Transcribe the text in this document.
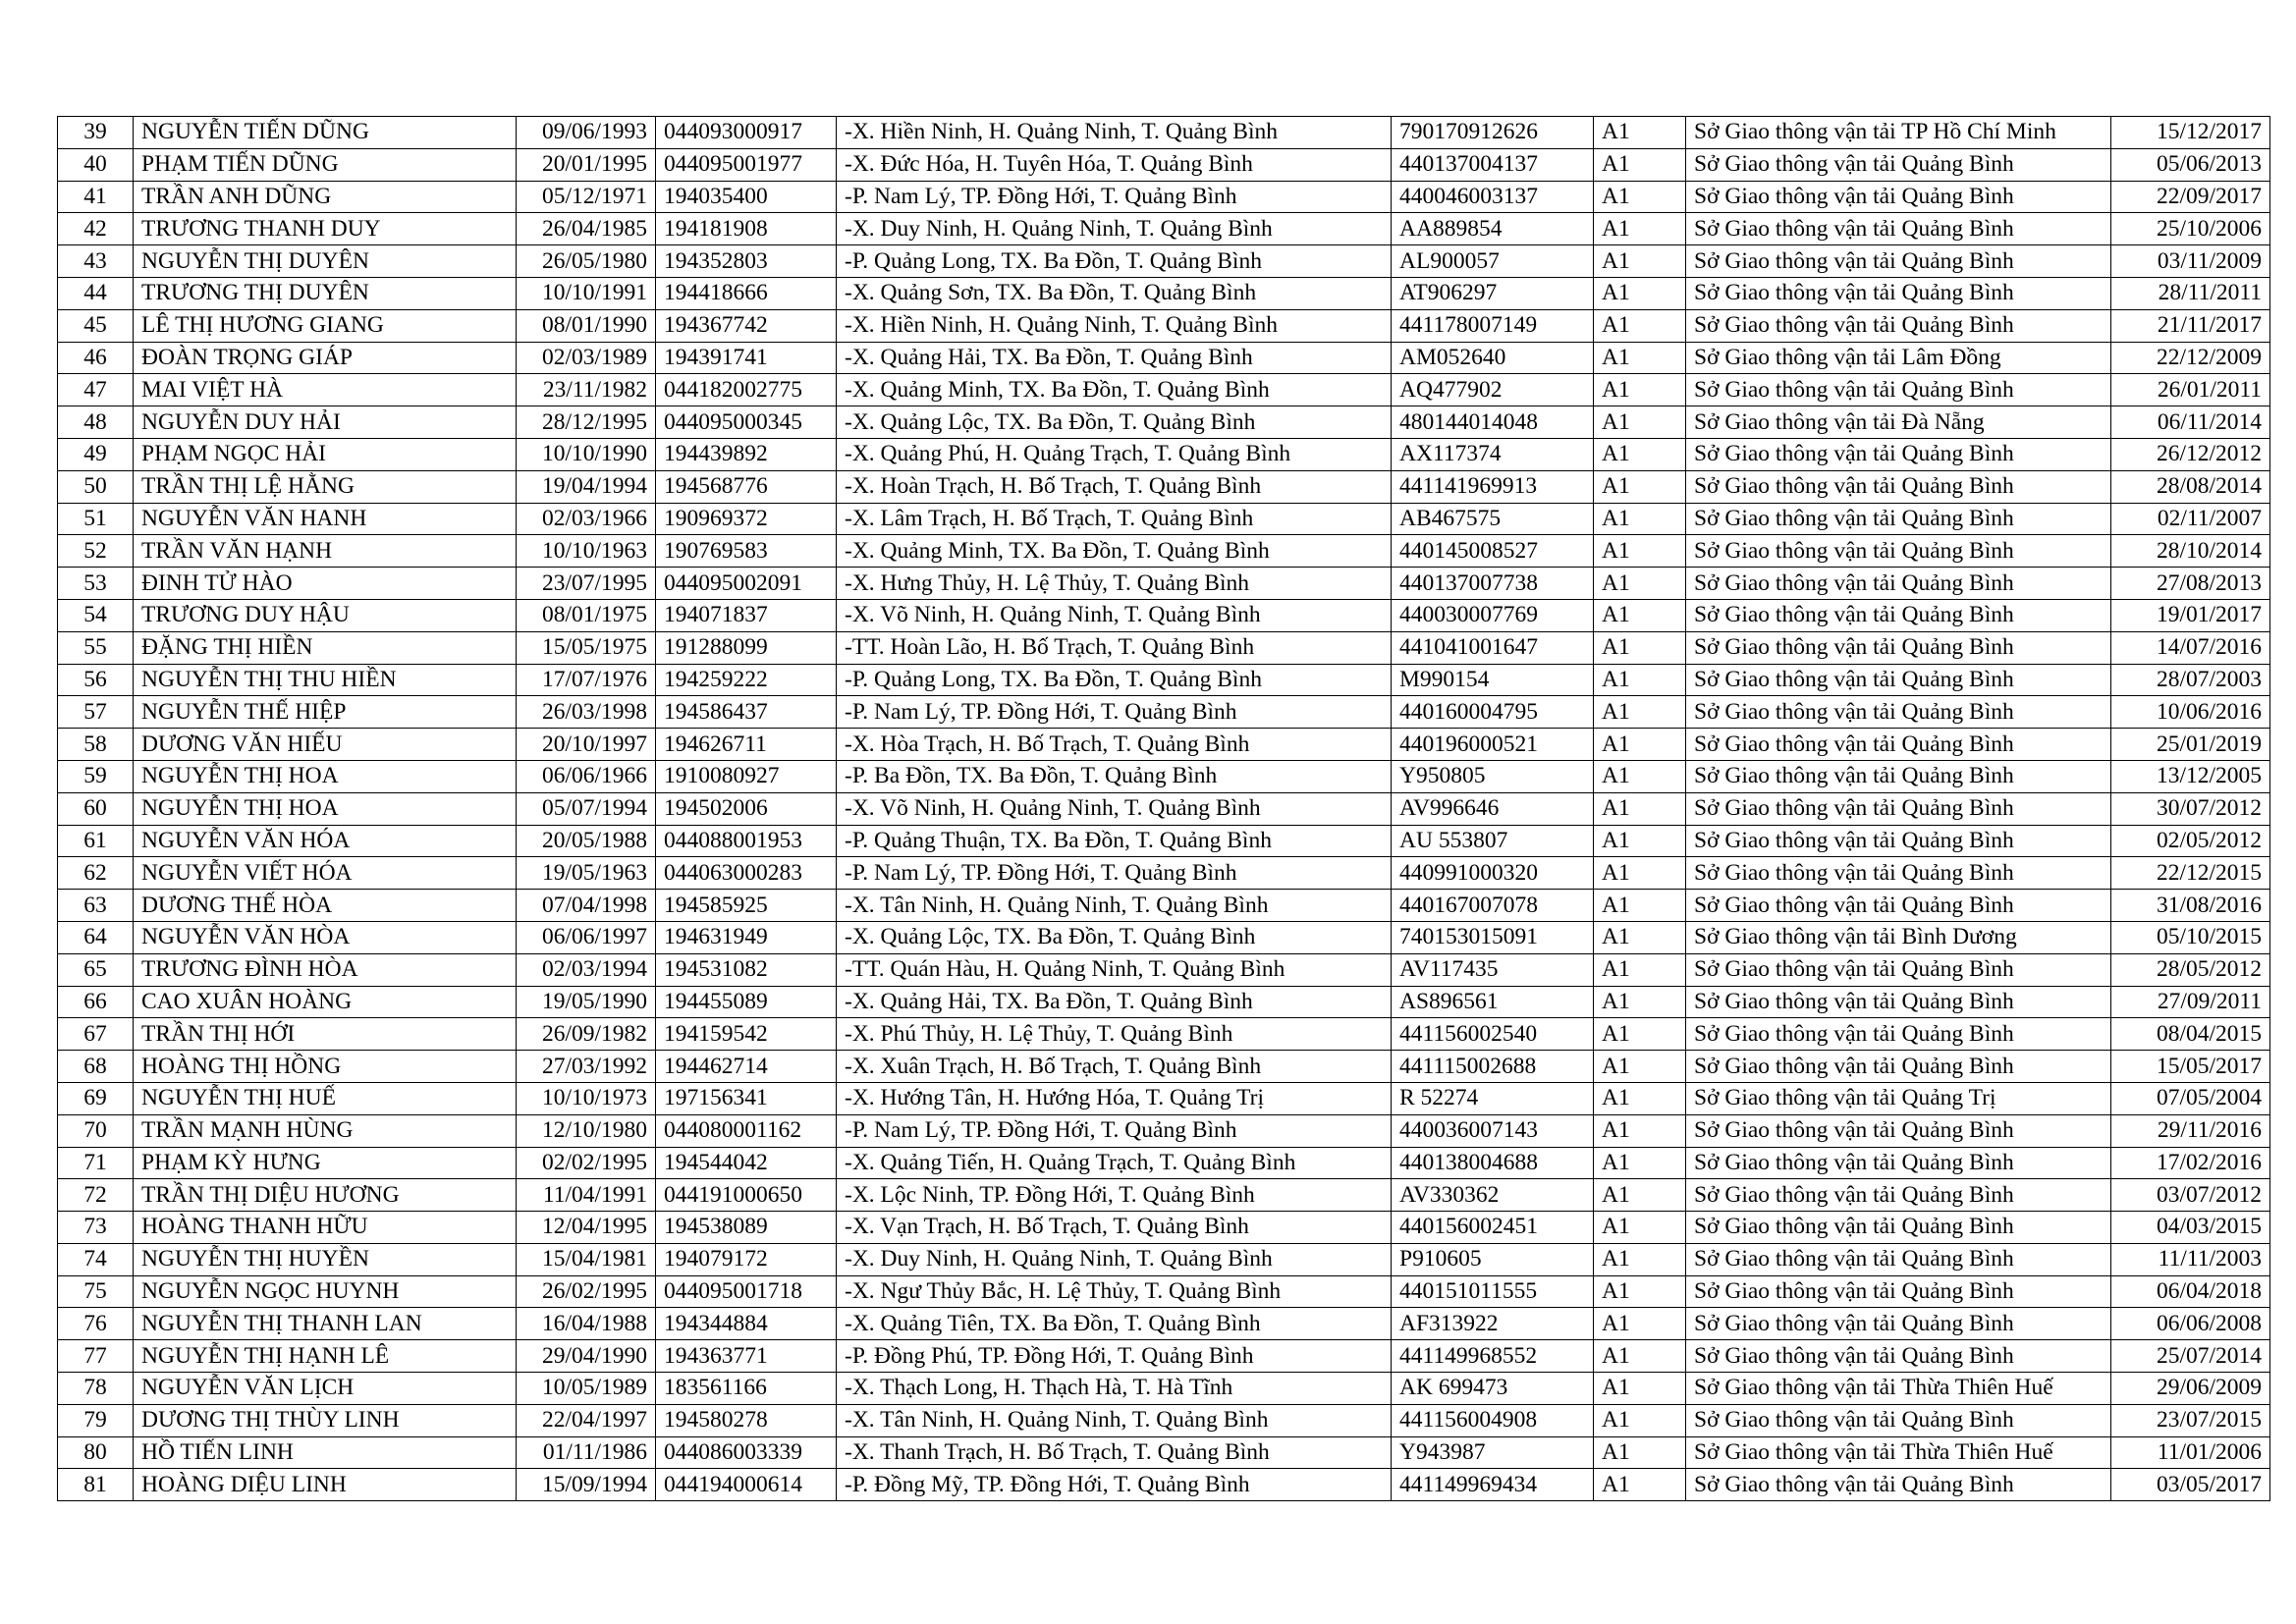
39	NGUYỄN TIẾN DŨNG	09/06/1993	044093000917	-X. Hiền Ninh, H. Quảng Ninh, T. Quảng Bình	790170912626	A1	Sở Giao thông vận tải TP Hồ Chí Minh	15/12/2017
40	PHẠM TIẾN DŨNG	20/01/1995	044095001977	-X. Đức Hóa, H. Tuyên Hóa, T. Quảng Bình	440137004137	A1	Sở Giao thông vận tải Quảng Bình	05/06/2013
41	TRẦN ANH DŨNG	05/12/1971	194035400	-P. Nam Lý, TP. Đồng Hới, T. Quảng Bình	440046003137	A1	Sở Giao thông vận tải Quảng Bình	22/09/2017
42	TRƯƠNG THANH DUY	26/04/1985	194181908	-X. Duy Ninh, H. Quảng Ninh, T. Quảng Bình	AA889854	A1	Sở Giao thông vận tải Quảng Bình	25/10/2006
43	NGUYỄN THỊ DUYÊN	26/05/1980	194352803	-P. Quảng Long, TX. Ba Đồn, T. Quảng Bình	AL900057	A1	Sở Giao thông vận tải Quảng Bình	03/11/2009
44	TRƯƠNG THỊ DUYÊN	10/10/1991	194418666	-X. Quảng Sơn, TX. Ba Đồn, T. Quảng Bình	AT906297	A1	Sở Giao thông vận tải Quảng Bình	28/11/2011
45	LÊ THỊ HƯƠNG GIANG	08/01/1990	194367742	-X. Hiền Ninh, H. Quảng Ninh, T. Quảng Bình	441178007149	A1	Sở Giao thông vận tải Quảng Bình	21/11/2017
46	ĐOÀN TRỌNG GIÁP	02/03/1989	194391741	-X. Quảng Hải, TX. Ba Đồn, T. Quảng Bình	AM052640	A1	Sở Giao thông vận tải Lâm Đồng	22/12/2009
47	MAI VIỆT HÀ	23/11/1982	044182002775	-X. Quảng Minh, TX. Ba Đồn, T. Quảng Bình	AQ477902	A1	Sở Giao thông vận tải Quảng Bình	26/01/2011
48	NGUYỄN DUY HẢI	28/12/1995	044095000345	-X. Quảng Lộc, TX. Ba Đồn, T. Quảng Bình	480144014048	A1	Sở Giao thông vận tải Đà Nẵng	06/11/2014
49	PHẠM NGỌC HẢI	10/10/1990	194439892	-X. Quảng Phú, H. Quảng Trạch, T. Quảng Bình	AX117374	A1	Sở Giao thông vận tải Quảng Bình	26/12/2012
50	TRẦN THỊ LỆ HẰNG	19/04/1994	194568776	-X. Hoàn Trạch, H. Bố Trạch, T. Quảng Bình	441141969913	A1	Sở Giao thông vận tải Quảng Bình	28/08/2014
51	NGUYỄN VĂN HANH	02/03/1966	190969372	-X. Lâm Trạch, H. Bố Trạch, T. Quảng Bình	AB467575	A1	Sở Giao thông vận tải Quảng Bình	02/11/2007
52	TRẦN VĂN HẠNH	10/10/1963	190769583	-X. Quảng Minh, TX. Ba Đồn, T. Quảng Bình	440145008527	A1	Sở Giao thông vận tải Quảng Bình	28/10/2014
53	ĐINH TỬ HÀO	23/07/1995	044095002091	-X. Hưng Thủy, H. Lệ Thủy, T. Quảng Bình	440137007738	A1	Sở Giao thông vận tải Quảng Bình	27/08/2013
54	TRƯƠNG DUY HẬU	08/01/1975	194071837	-X. Võ Ninh, H. Quảng Ninh, T. Quảng Bình	440030007769	A1	Sở Giao thông vận tải Quảng Bình	19/01/2017
55	ĐẶNG THỊ HIỀN	15/05/1975	191288099	-TT. Hoàn Lão, H. Bố Trạch, T. Quảng Bình	441041001647	A1	Sở Giao thông vận tải Quảng Bình	14/07/2016
56	NGUYỄN THỊ THU HIỀN	17/07/1976	194259222	-P. Quảng Long, TX. Ba Đồn, T. Quảng Bình	M990154	A1	Sở Giao thông vận tải Quảng Bình	28/07/2003
57	NGUYỄN THẾ HIỆP	26/03/1998	194586437	-P. Nam Lý, TP. Đồng Hới, T. Quảng Bình	440160004795	A1	Sở Giao thông vận tải Quảng Bình	10/06/2016
58	DƯƠNG VĂN HIẾU	20/10/1997	194626711	-X. Hòa Trạch, H. Bố Trạch, T. Quảng Bình	440196000521	A1	Sở Giao thông vận tải Quảng Bình	25/01/2019
59	NGUYỄN THỊ HOA	06/06/1966	1910080927	-P. Ba Đồn, TX. Ba Đồn, T. Quảng Bình	Y950805	A1	Sở Giao thông vận tải Quảng Bình	13/12/2005
60	NGUYỄN THỊ HOA	05/07/1994	194502006	-X. Võ Ninh, H. Quảng Ninh, T. Quảng Bình	AV996646	A1	Sở Giao thông vận tải Quảng Bình	30/07/2012
61	NGUYỄN VĂN HÓA	20/05/1988	044088001953	-P. Quảng Thuận, TX. Ba Đồn, T. Quảng Bình	AU 553807	A1	Sở Giao thông vận tải Quảng Bình	02/05/2012
62	NGUYỄN VIẾT HÓA	19/05/1963	044063000283	-P. Nam Lý, TP. Đồng Hới, T. Quảng Bình	440991000320	A1	Sở Giao thông vận tải Quảng Bình	22/12/2015
63	DƯƠNG THẾ HÒA	07/04/1998	194585925	-X. Tân Ninh, H. Quảng Ninh, T. Quảng Bình	440167007078	A1	Sở Giao thông vận tải Quảng Bình	31/08/2016
64	NGUYỄN VĂN HÒA	06/06/1997	194631949	-X. Quảng Lộc, TX. Ba Đồn, T. Quảng Bình	740153015091	A1	Sở Giao thông vận tải Bình Dương	05/10/2015
65	TRƯƠNG ĐÌNH HÒA	02/03/1994	194531082	-TT. Quán Hàu, H. Quảng Ninh, T. Quảng Bình	AV117435	A1	Sở Giao thông vận tải Quảng Bình	28/05/2012
66	CAO XUÂN HOÀNG	19/05/1990	194455089	-X. Quảng Hải, TX. Ba Đồn, T. Quảng Bình	AS896561	A1	Sở Giao thông vận tải Quảng Bình	27/09/2011
67	TRẦN THỊ HỚI	26/09/1982	194159542	-X. Phú Thủy, H. Lệ Thủy, T. Quảng Bình	441156002540	A1	Sở Giao thông vận tải Quảng Bình	08/04/2015
68	HOÀNG THỊ HỒNG	27/03/1992	194462714	-X. Xuân Trạch, H. Bố Trạch, T. Quảng Bình	441115002688	A1	Sở Giao thông vận tải Quảng Bình	15/05/2017
69	NGUYỄN THỊ HUẾ	10/10/1973	197156341	-X. Hướng Tân, H. Hướng Hóa, T. Quảng Trị	R 52274	A1	Sở Giao thông vận tải Quảng Trị	07/05/2004
70	TRẦN MẠNH HÙNG	12/10/1980	044080001162	-P. Nam Lý, TP. Đồng Hới, T. Quảng Bình	440036007143	A1	Sở Giao thông vận tải Quảng Bình	29/11/2016
71	PHẠM KỲ HƯNG	02/02/1995	194544042	-X. Quảng Tiến, H. Quảng Trạch, T. Quảng Bình	440138004688	A1	Sở Giao thông vận tải Quảng Bình	17/02/2016
72	TRẦN THỊ DIỆU HƯƠNG	11/04/1991	044191000650	-X. Lộc Ninh, TP. Đồng Hới, T. Quảng Bình	AV330362	A1	Sở Giao thông vận tải Quảng Bình	03/07/2012
73	HOÀNG THANH HỮU	12/04/1995	194538089	-X. Vạn Trạch, H. Bố Trạch, T. Quảng Bình	440156002451	A1	Sở Giao thông vận tải Quảng Bình	04/03/2015
74	NGUYỄN THỊ HUYỀN	15/04/1981	194079172	-X. Duy Ninh, H. Quảng Ninh, T. Quảng Bình	P910605	A1	Sở Giao thông vận tải Quảng Bình	11/11/2003
75	NGUYỄN NGỌC HUYNH	26/02/1995	044095001718	-X. Ngư Thủy Bắc, H. Lệ Thủy, T. Quảng Bình	440151011555	A1	Sở Giao thông vận tải Quảng Bình	06/04/2018
76	NGUYỄN THỊ THANH LAN	16/04/1988	194344884	-X. Quảng Tiên, TX. Ba Đồn, T. Quảng Bình	AF313922	A1	Sở Giao thông vận tải Quảng Bình	06/06/2008
77	NGUYỄN THỊ HẠNH LÊ	29/04/1990	194363771	-P. Đồng Phú, TP. Đồng Hới, T. Quảng Bình	441149968552	A1	Sở Giao thông vận tải Quảng Bình	25/07/2014
78	NGUYỄN VĂN LỊCH	10/05/1989	183561166	-X. Thạch Long, H. Thạch Hà, T. Hà Tĩnh	AK 699473	A1	Sở Giao thông vận tải Thừa Thiên Huế	29/06/2009
79	DƯƠNG THỊ THÙY LINH	22/04/1997	194580278	-X. Tân Ninh, H. Quảng Ninh, T. Quảng Bình	441156004908	A1	Sở Giao thông vận tải Quảng Bình	23/07/2015
80	HỒ TIẾN LINH	01/11/1986	044086003339	-X. Thanh Trạch, H. Bố Trạch, T. Quảng Bình	Y943987	A1	Sở Giao thông vận tải Thừa Thiên Huế	11/01/2006
81	HOÀNG DIỆU LINH	15/09/1994	044194000614	-P. Đồng Mỹ, TP. Đồng Hới, T. Quảng Bình	441149969434	A1	Sở Giao thông vận tải Quảng Bình	03/05/2017
